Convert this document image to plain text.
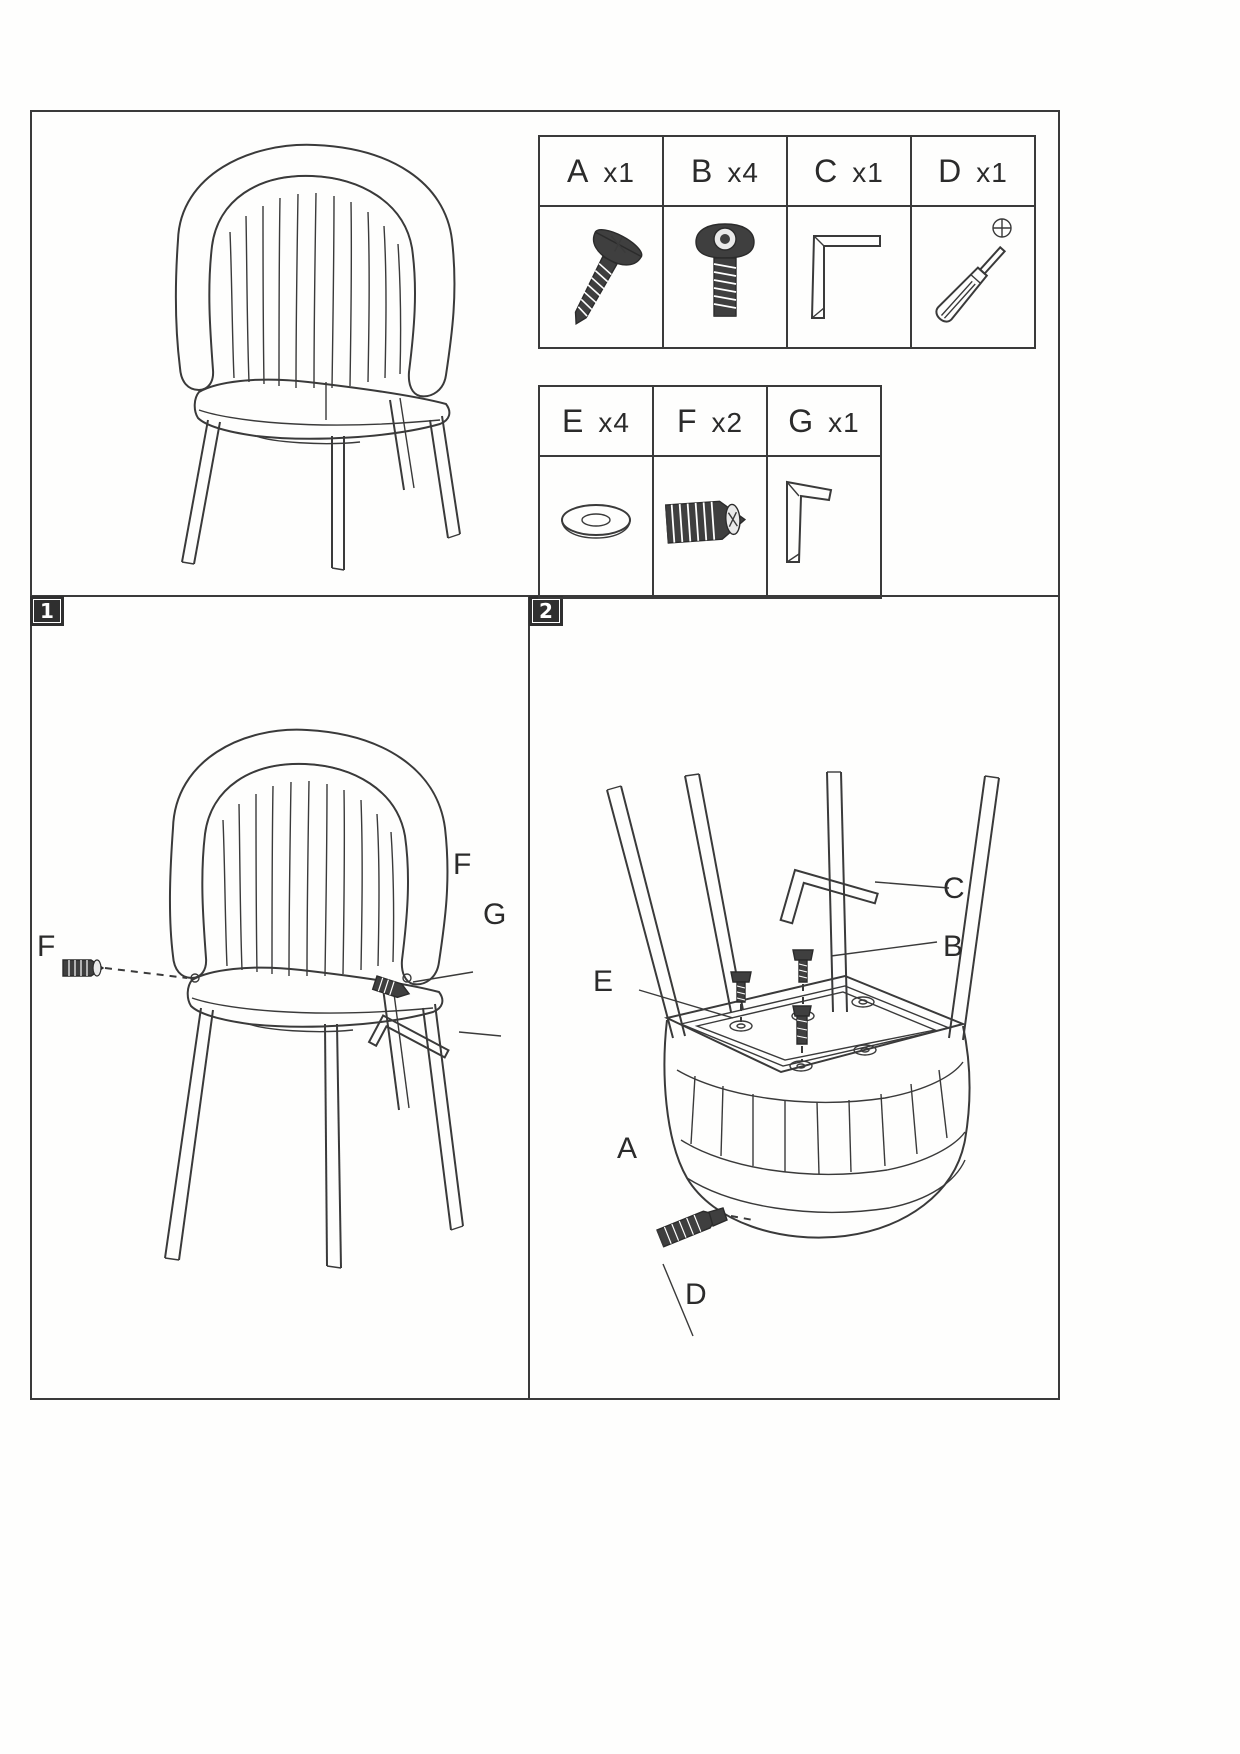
1	2
A x1	B x4	C x1	D x1

E x4	F x2	G x1

F
F
G
C
B
E
A
D
